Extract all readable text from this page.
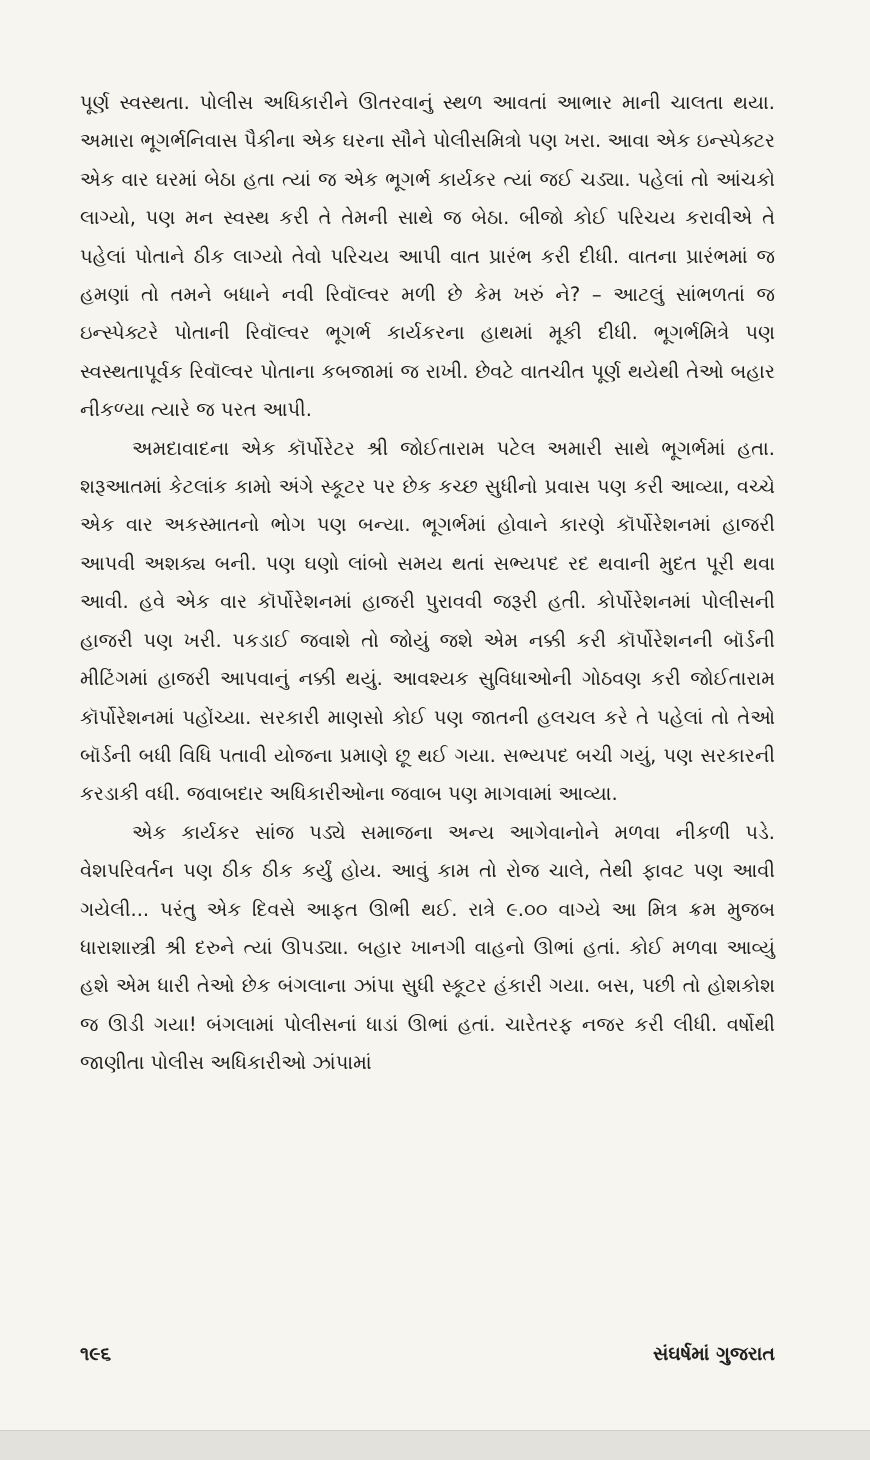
પૂર્ણ સ્વસ્થતા. પોલીસ અધિકારીને ઊતરવાનું સ્થળ આવતાં આભાર માની ચાલતા થયા. અમારા ભૂગર્ભનિવાસ પૈકીના એક ઘરના સૌને પોલીસમિત્રો પણ ખરા. આવા એક ઇન્સ્પેક્ટર એક વાર ઘરમાં બેઠા હતા ત્યાં જ એક ભૂગર્ભ કાર્યકર ત્યાં જઈ ચડ્યા. પહેલાં તો આંચકો લાગ્યો, પણ મન સ્વસ્થ કરી તે તેમની સાથે જ બેઠા. બીજો કોઈ પરિચય કરાવીએ તે પહેલાં પોતાને ઠીક લાગ્યો તેવો પરિચય આપી વાત પ્રારંભ કરી દીધી. વાતના પ્રારંભમાં જ હમણાં તો તમને બધાને નવી રિવૉલ્વર મળી છે કેમ ખરું ને? – આટલું સાંભળતાં જ ઇન્સ્પેક્ટરે પોતાની રિવૉલ્વર ભૂગર્ભ કાર્યકરના હાથમાં મૂકી દીધી. ભૂગર્ભમિત્રે પણ સ્વસ્થતાપૂર્વક રિવૉલ્વર પોતાના કબજામાં જ રાખી. છેવટે વાતચીત પૂર્ણ થયેથી તેઓ બહાર નીકળ્યા ત્યારે જ પરત આપી.

અમદાવાદના એક કૉર્પોરેટર શ્રી જોઈતારામ પટેલ અમારી સાથે ભૂગર્ભમાં હતા. શરૂઆતમાં કેટલાંક કામો અંગે સ્કૂટર પર છેક કચ્છ સુધીનો પ્રવાસ પણ કરી આવ્યા, વચ્ચે એક વાર અકસ્માતનો ભોગ પણ બન્યા. ભૂગર્ભમાં હોવાને કારણે કૉર્પોરેશનમાં હાજરી આપવી અશક્ય બની. પણ ઘણો લાંબો સમય થતાં સભ્યપદ રદ થવાની મુદત પૂરી થવા આવી. હવે એક વાર કૉર્પોરેશનમાં હાજરી પુરાવવી જરૂરી હતી. કોર્પોરેશનમાં પોલીસની હાજરી પણ ખરી. પકડાઈ જવાશે તો જોયું જશે એમ નક્કી કરી કૉર્પોરેશનની બૉર્ડની મીટિંગમાં હાજરી આપવાનું નક્કી થયું. આવશ્યક સુવિધાઓની ગોઠવણ કરી જોઈતારામ કૉર્પોરેશનમાં પહોંચ્યા. સરકારી માણસો કોઈ પણ જાતની હલચલ કરે તે પહેલાં તો તેઓ બૉર્ડની બધી વિધિ પતાવી યોજના પ્રમાણે છૂ થઈ ગયા. સભ્યપદ બચી ગયું, પણ સરકારની કરડાકી વધી. જવાબદાર અધિકારીઓના જવાબ પણ માગવામાં આવ્યા.

એક કાર્યકર સાંજ પડ્યે સમાજના અન્ય આગેવાનોને મળવા નીકળી પડે. વેશપરિવર્તન પણ ઠીક ઠીક કર્યું હોય. આવું કામ તો રોજ ચાલે, તેથી ફાવટ પણ આવી ગયેલી... પરંતુ એક દિવસે આફત ઊભી થઈ. રાત્રે ૯.૦૦ વાગ્યે આ મિત્ર ક્રમ મુજબ ધારાશાસ્ત્રી શ્રી દરુને ત્યાં ઊપડ્યા. બહાર ખાનગી વાહનો ઊભાં હતાં. કોઈ મળવા આવ્યું હશે એમ ધારી તેઓ છેક બંગલાના ઝાંપા સુધી સ્કૂટર હંકારી ગયા. બસ, પછી તો હોશકોશ જ ઊડી ગયા! બંગલામાં પોલીસનાં ધાડાં ઊભાં હતાં. ચારેતરફ નજર કરી લીધી. વર્ષોથી જાણીતા પોલીસ અધિકારીઓ ઝાંપામાં

૧૯૬	સંઘર્ષમાં ગુજરાત
